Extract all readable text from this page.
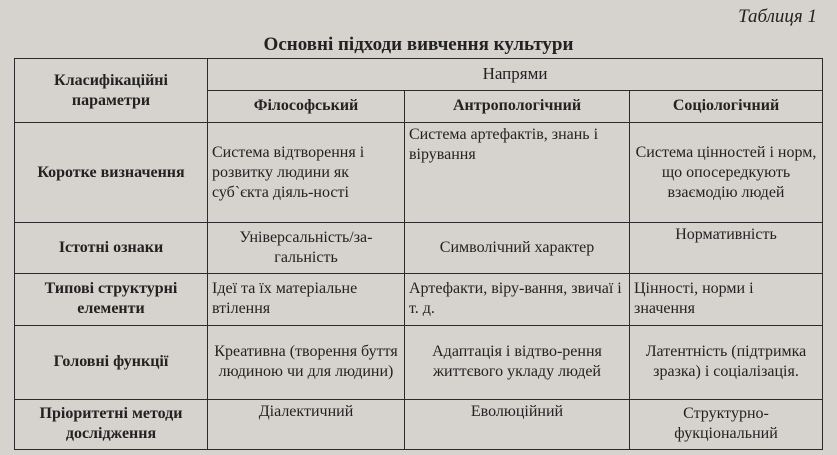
Таблиця 1
Основні підходи вивчення культури
Класифікаційні параметри	Напрями		
	Філософський	Антропологічний	Соціологічний
Коротке визначення	Система відтворення і розвитку людини як суб`єкта діяль-ності	Система артефактів, знань і вірування	Система цінностей і норм, що опосередкують взаємодію людей
Істотні ознаки	Універсальність/за-гальність	Символічний характер	Нормативність
Типові структурні елементи	Ідеї та їх матеріальне втілення	Артефакти, віру-вання, звичаї і т. д.	Цінності, норми і значення
Головні функції	Креативна (творення буття людиною чи для людини)	Адаптація і відтво-рення життєвого укладу людей	Латентність (підтримка зразка) і соціалізація.
Пріоритетні методи дослідження	Діалектичний	Еволюційний	Структурно-фукціональний
